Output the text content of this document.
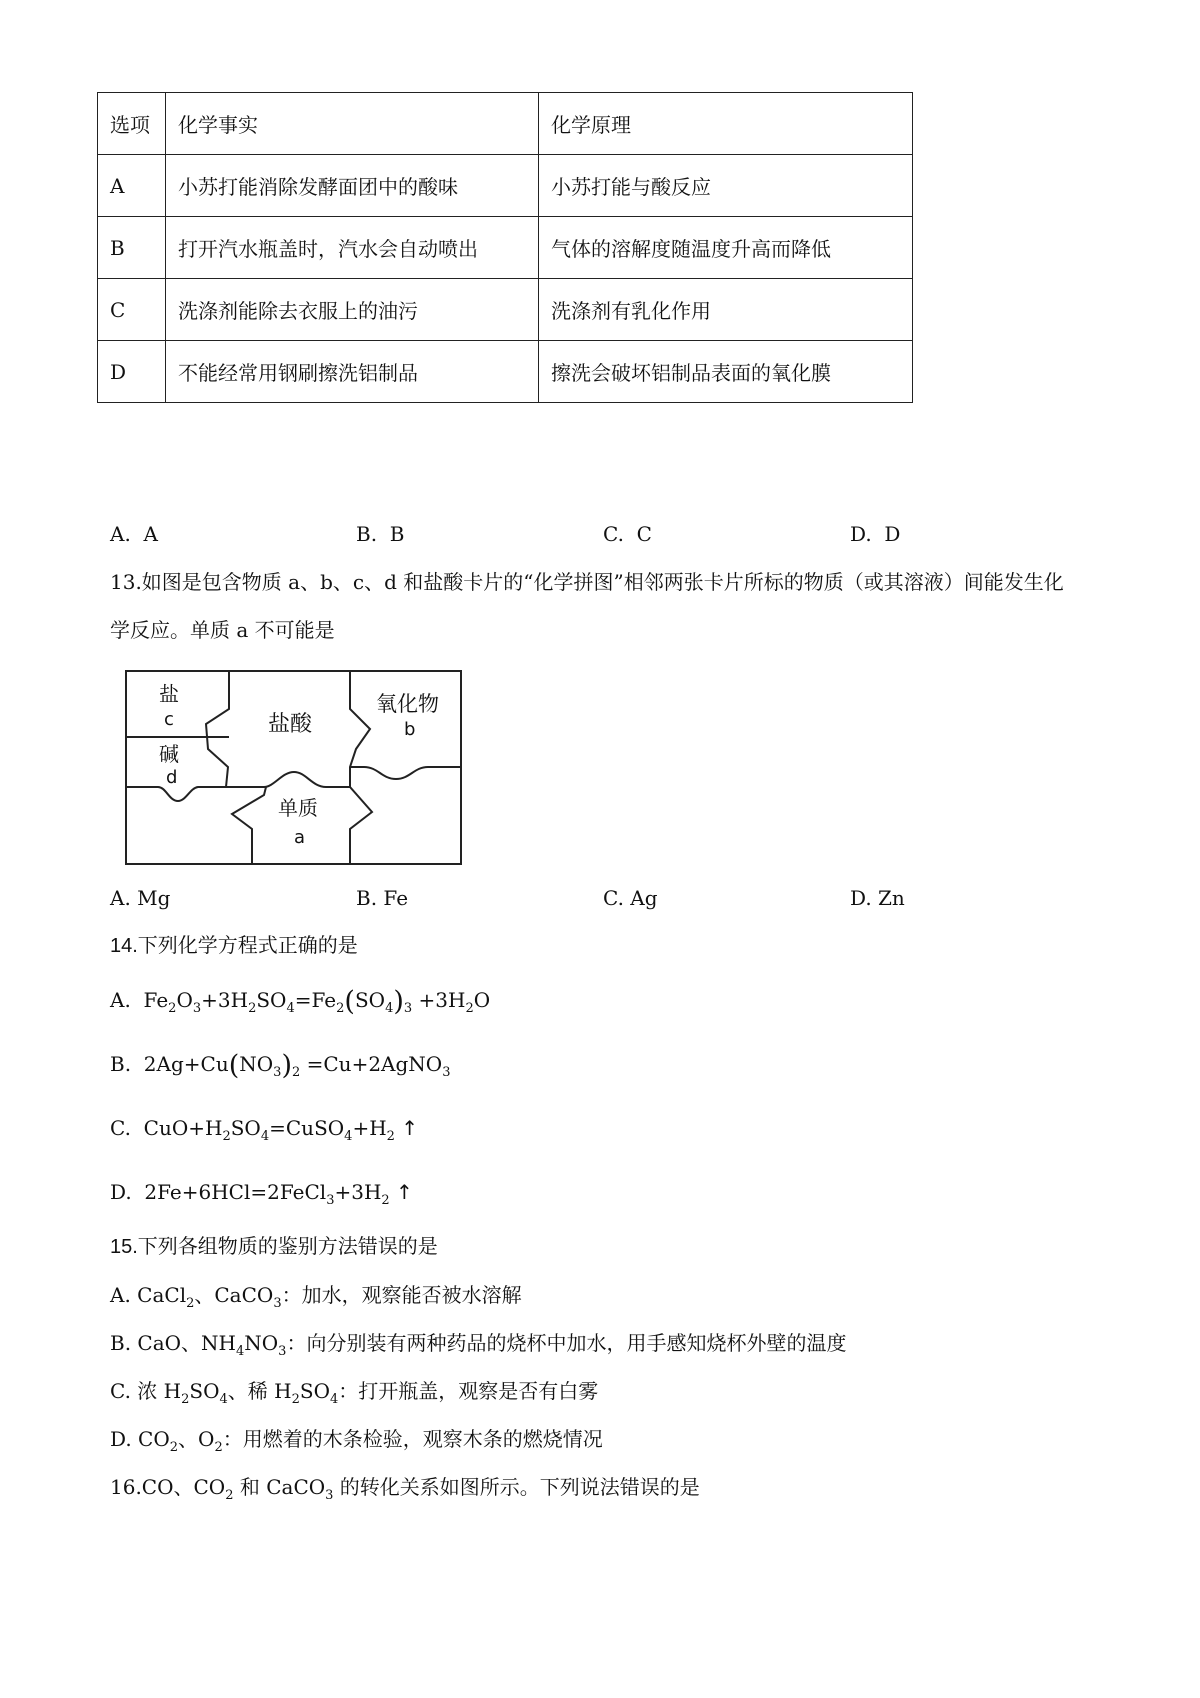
选项	化学事实	化学原理
A	小苏打能消除发酵面团中的酸味	小苏打能与酸反应
B	打开汽水瓶盖时，汽水会自动喷出	气体的溶解度随温度升高而降低
C	洗涤剂能除去衣服上的油污	洗涤剂有乳化作用
D	不能经常用钢刷擦洗铝制品	擦洗会破坏铝制品表面的氧化膜
A. A	B. B	C. C	D. D
13.如图是包含物质 a、b、c、d 和盐酸卡片的“化学拼图”相邻两张卡片所标的物质（或其溶液）间能发生化
学反应。单质 a 不可能是
盐
c
碱
d
盐酸
氧化物
b
单质
a
A. Mg	B. Fe	C. Ag	D. Zn
14.下列化学方程式正确的是
A. $Fe_2O_3+3H_2SO_4=Fe_2(SO_4)_3 +3H_2O$
B. $2Ag+Cu(NO_3)_2$ =Cu+2AgNO$_3$
C. $CuO+H_2SO_4=CuSO_4+H_2$ ↑
D. $2Fe+6HCl=2FeCl_3+3H_2$ ↑
15.下列各组物质的鉴别方法错误的是
A. CaCl$_2$、CaCO$_3$：加水，观察能否被水溶解
B. CaO、$NH_4NO_3$：向分别装有两种药品的烧杯中加水，用手感知烧杯外壁的温度
C. 浓 $H_2SO_4$、稀 $H_2SO_4$：打开瓶盖，观察是否有白雾
D. $CO_2$、$O_2$：用燃着的木条检验，观察木条的燃烧情况
16.CO、$CO_2$ 和 CaCO$_3$ 的转化关系如图所示。下列说法错误的是
